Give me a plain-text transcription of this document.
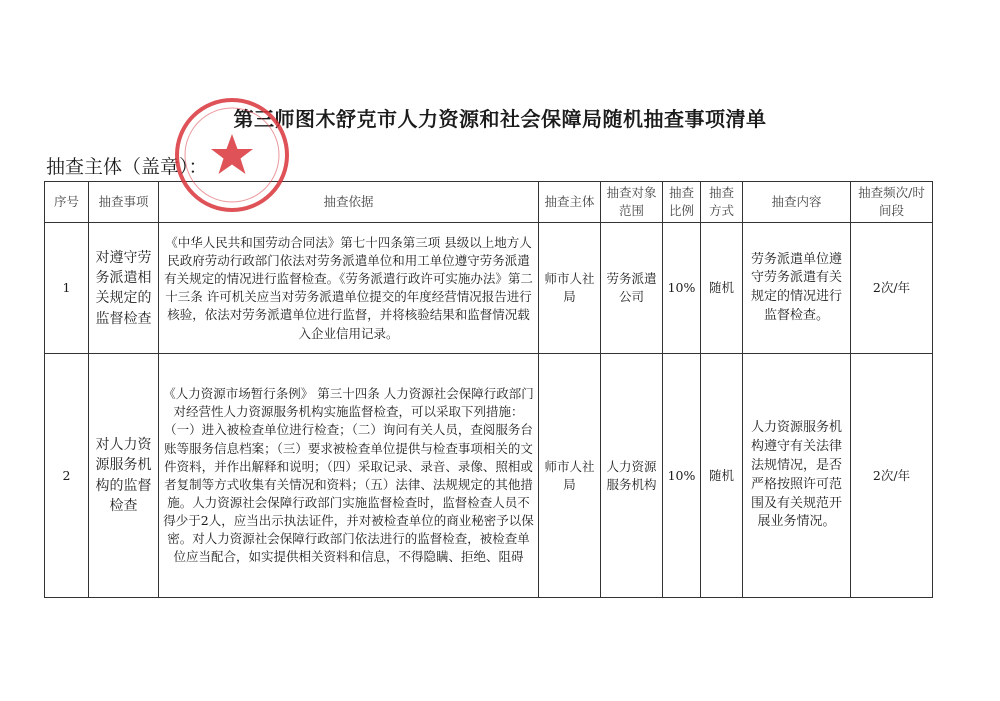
第三师图木舒克市人力资源和社会保障局随机抽查事项清单
抽查主体（盖章）：
序号	抽查事项	抽查依据	抽查主体	抽查对象范围	抽查比例	抽查方式	抽查内容	抽查频次/时间段
1	对遵守劳务派遣相关规定的监督检查	《中华人民共和国劳动合同法》第七十四条第三项 县级以上地方人民政府劳动行政部门依法对劳务派遣单位和用工单位遵守劳务派遣有关规定的情况进行监督检查。《劳务派遣行政许可实施办法》第二十三条 许可机关应当对劳务派遣单位提交的年度经营情况报告进行核验，依法对劳务派遣单位进行监督，并将核验结果和监督情况载入企业信用记录。	师市人社局	劳务派遣公司	10%	随机	劳务派遣单位遵守劳务派遣有关规定的情况进行监督检查。	2次/年
2	对人力资源服务机构的监督检查	《人力资源市场暂行条例》 第三十四条 人力资源社会保障行政部门对经营性人力资源服务机构实施监督检查，可以采取下列措施：（一）进入被检查单位进行检查；（二）询问有关人员，查阅服务台账等服务信息档案；（三）要求被检查单位提供与检查事项相关的文件资料，并作出解释和说明；（四）采取记录、录音、录像、照相或者复制等方式收集有关情况和资料；（五）法律、法规规定的其他措施。人力资源社会保障行政部门实施监督检查时，监督检查人员不得少于2人，应当出示执法证件，并对被检查单位的商业秘密予以保密。对人力资源社会保障行政部门依法进行的监督检查，被检查单位应当配合，如实提供相关资料和信息，不得隐瞒、拒绝、阻碍	师市人社局	人力资源服务机构	10%	随机	人力资源服务机构遵守有关法律法规情况，是否严格按照许可范围及有关规范开展业务情况。	2次/年
